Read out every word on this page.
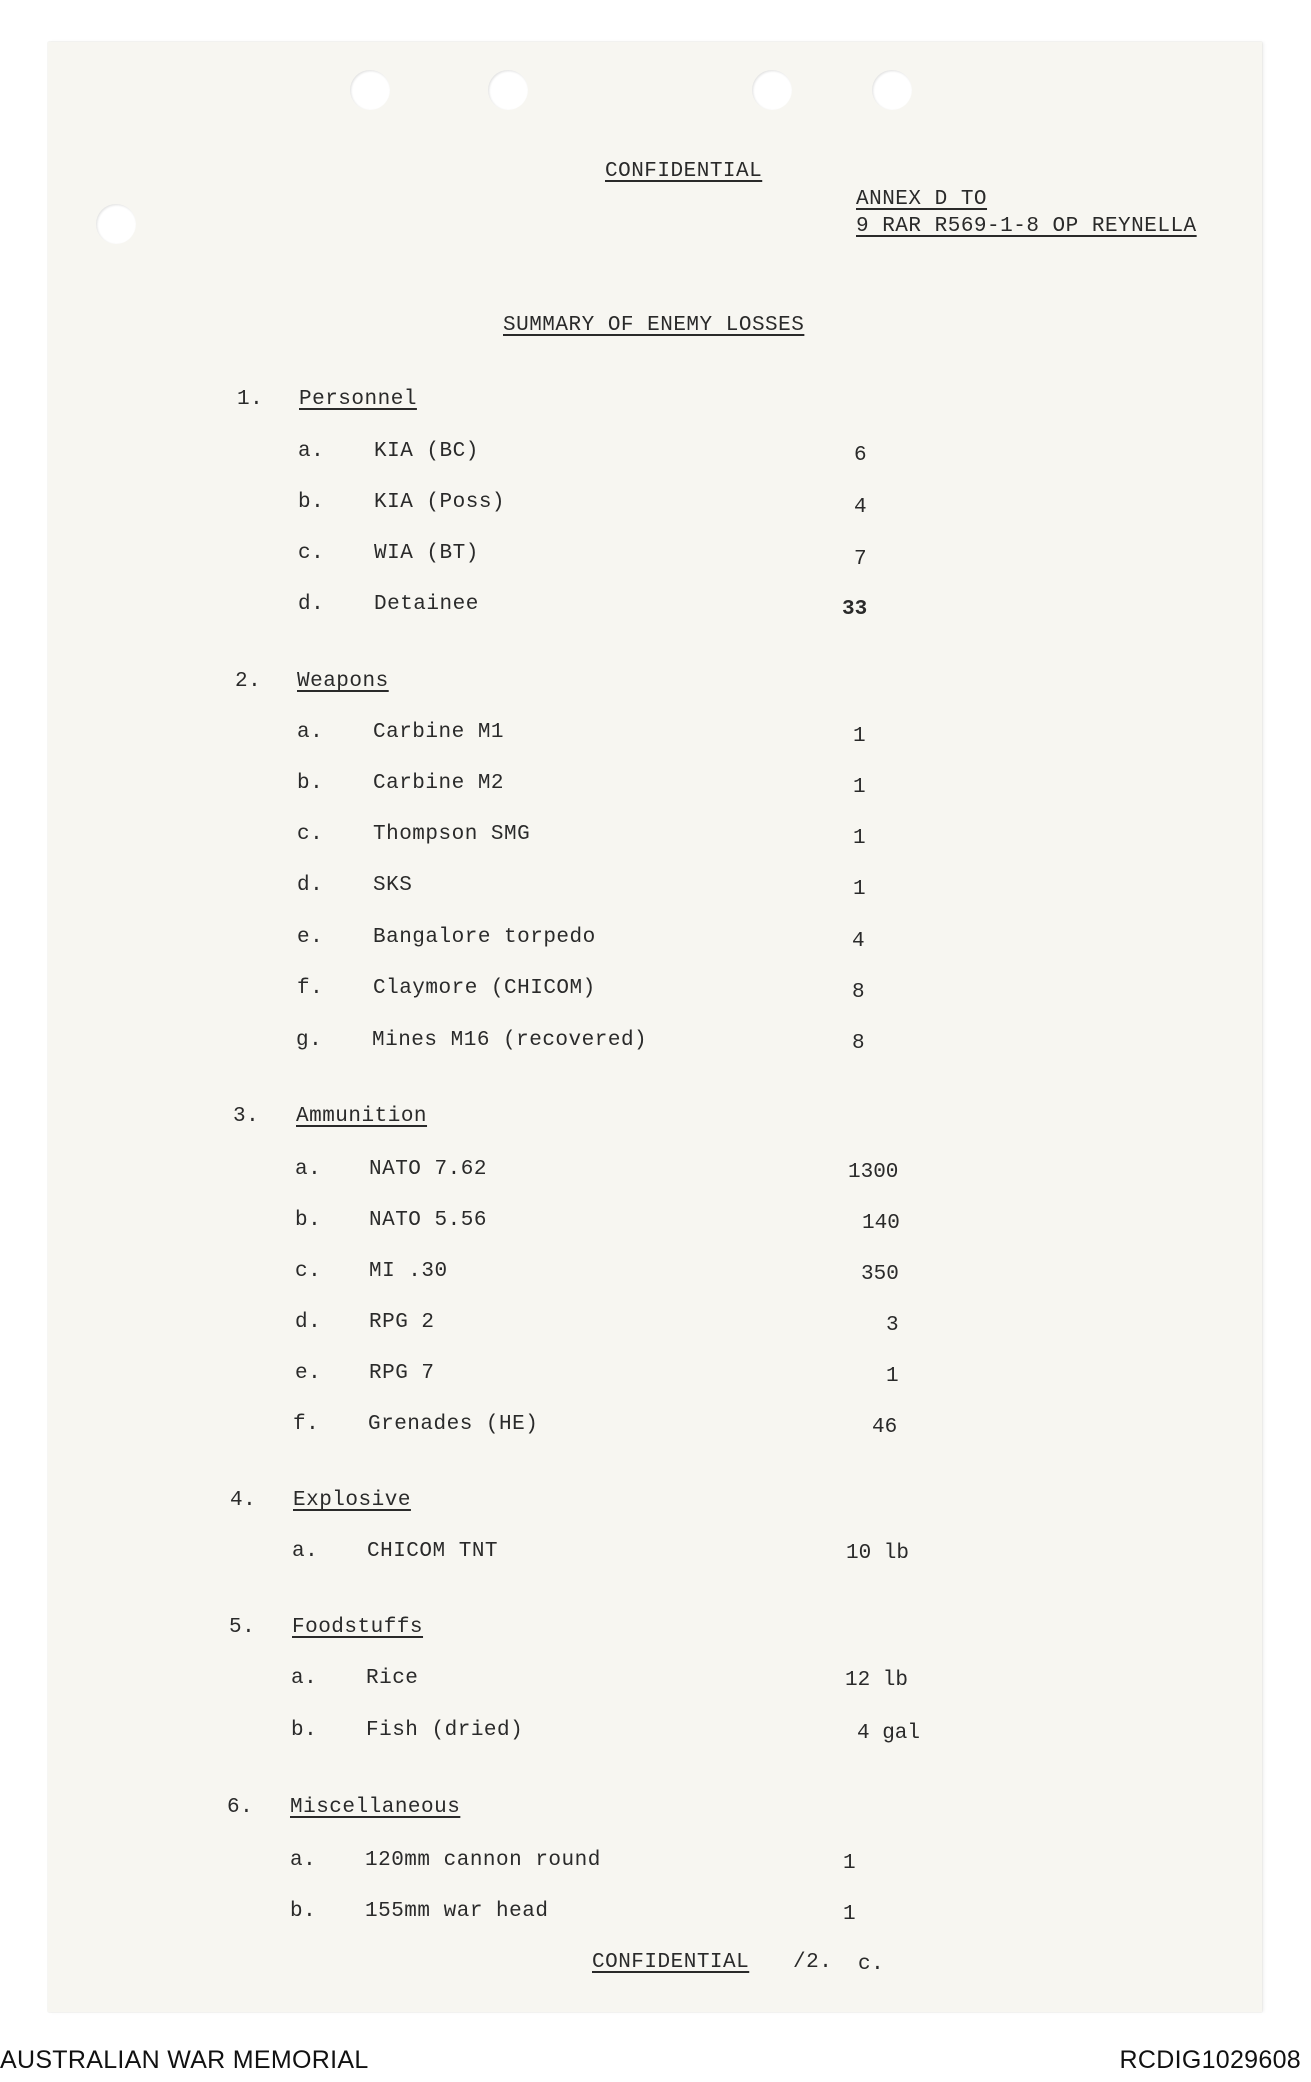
CONFIDENTIAL
ANNEX D TO
9 RAR R569-1-8 OP REYNELLA
SUMMARY OF ENEMY LOSSES
1. Personnel
a. KIA (BC)	6
b. KIA (Poss)	4
c. WIA (BT)	7
d. Detainee	33
2. Weapons
a. Carbine M1	1
b. Carbine M2	1
c. Thompson SMG	1
d. SKS	1
e. Bangalore torpedo	4
f. Claymore (CHICOM)	8
g. Mines M16 (recovered)	8
3. Ammunition
a. NATO 7.62	1300
b. NATO 5.56	140
c. MI .30	350
d. RPG 2	3
e. RPG 7	1
f. Grenades (HE)	46
4. Explosive
a. CHICOM TNT	10 lb
5. Foodstuffs
a. Rice	12 lb
b. Fish (dried)	4 gal
6. Miscellaneous
a. 120mm cannon round	1
b. 155mm war head	1
CONFIDENTIAL /2. c.
AUSTRALIAN WAR MEMORIAL	RCDIG1029608
